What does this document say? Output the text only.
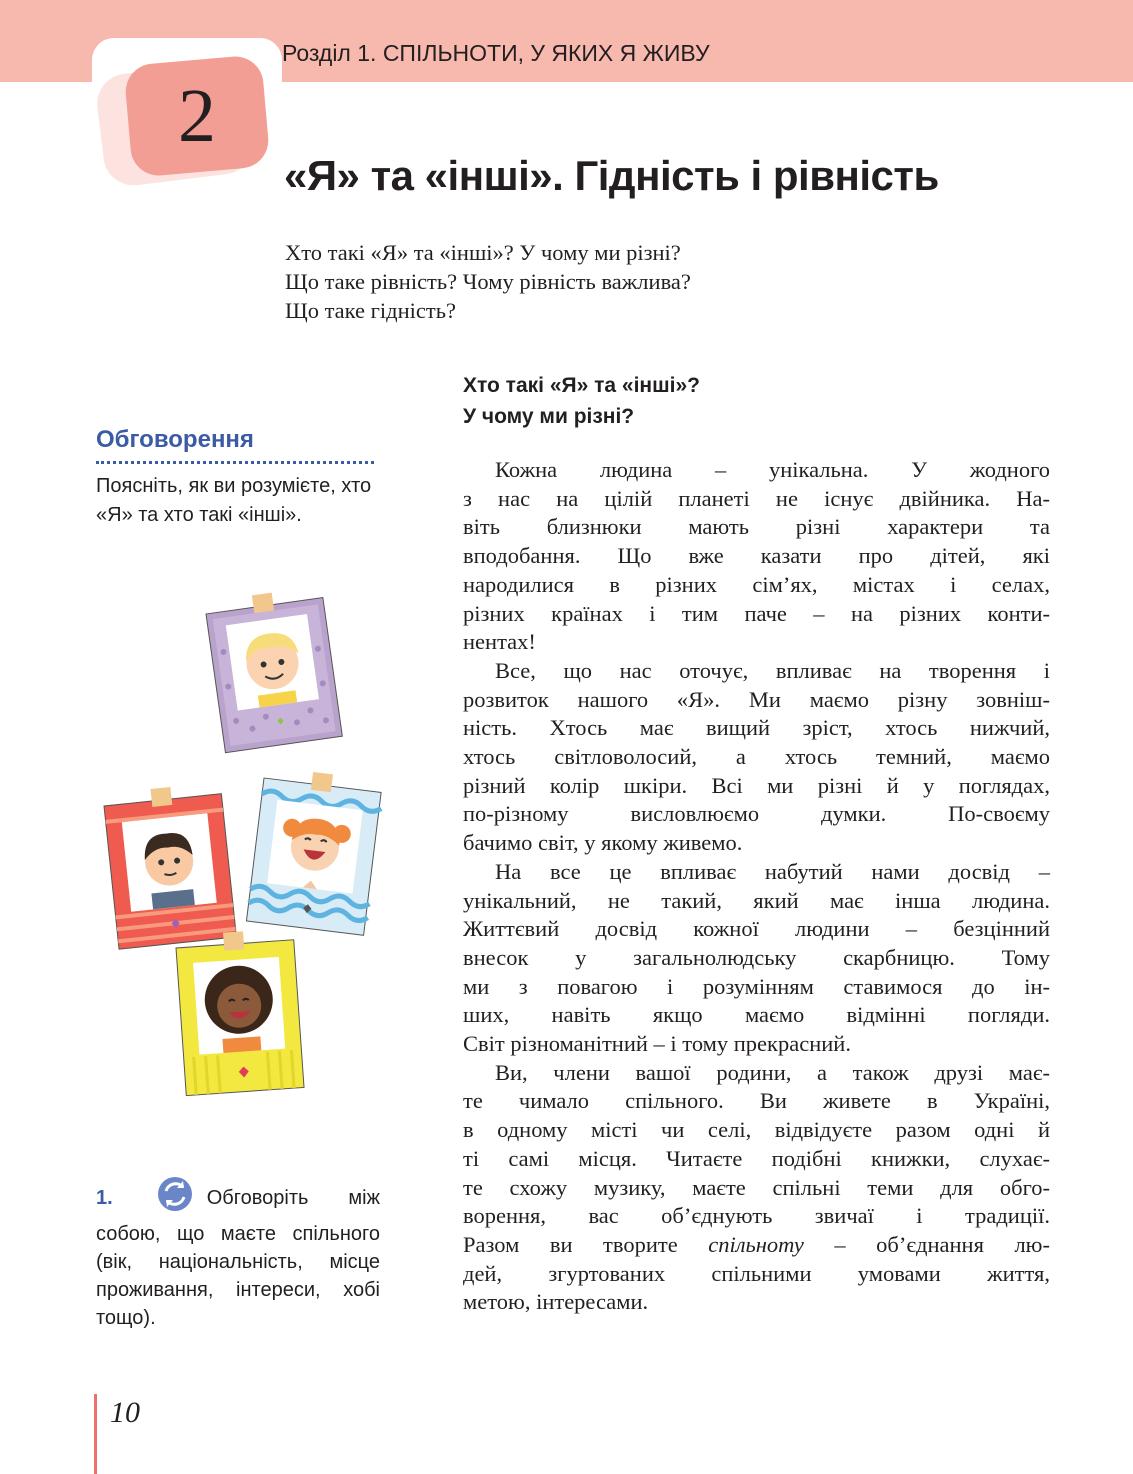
Розділ 1. СПІЛЬНОТИ, У ЯКИХ Я ЖИВУ
2
«Я» та «інші». Гідність і рівність
Хто такі «Я» та «інші»? У чому ми різні?
Що таке рівність? Чому рівність важлива?
Що таке гідність?
Обговорення
Поясніть, як ви розумієте, хто «Я» та хто такі «інші».
1.	Обговоріть між собою, що маєте спільного (вік, національність, місце проживання, інтереси, хобі тощо).
Хто такі «Я» та «інші»?
У чому ми різні?
Кожна людина – унікальна. У жодного
з нас на цілій планеті не існує двійника. На-
віть близнюки мають різні характери та
вподобання. Що вже казати про дітей, які
народилися в різних сім’ях, містах і селах,
різних країнах і тим паче – на різних конти-
нентах!
Все, що нас оточує, впливає на творення і
розвиток нашого «Я». Ми маємо різну зовніш-
ність. Хтось має вищий зріст, хтось нижчий,
хтось світловолосий, а хтось темний, маємо
різний колір шкіри. Всі ми різні й у поглядах,
по-різному висловлюємо думки. По-своєму
бачимо світ, у якому живемо.
На все це впливає набутий нами досвід –
унікальний, не такий, який має інша людина.
Життєвий досвід кожної людини – безцінний
внесок у загальнолюдську скарбницю. Тому
ми з повагою і розумінням ставимося до ін-
ших, навіть якщо маємо відмінні погляди.
Світ різноманітний – і тому прекрасний.
Ви, члени вашої родини, а також друзі має-
те чимало спільного. Ви живете в Україні,
в одному місті чи селі, відвідуєте разом одні й
ті самі місця. Читаєте подібні книжки, слухає-
те схожу музику, маєте спільні теми для обго-
ворення, вас об’єднують звичаї і традиції.
Разом ви творите спільноту – об’єднання лю-
дей, згуртованих спільними умовами життя,
метою, інтересами.
10
